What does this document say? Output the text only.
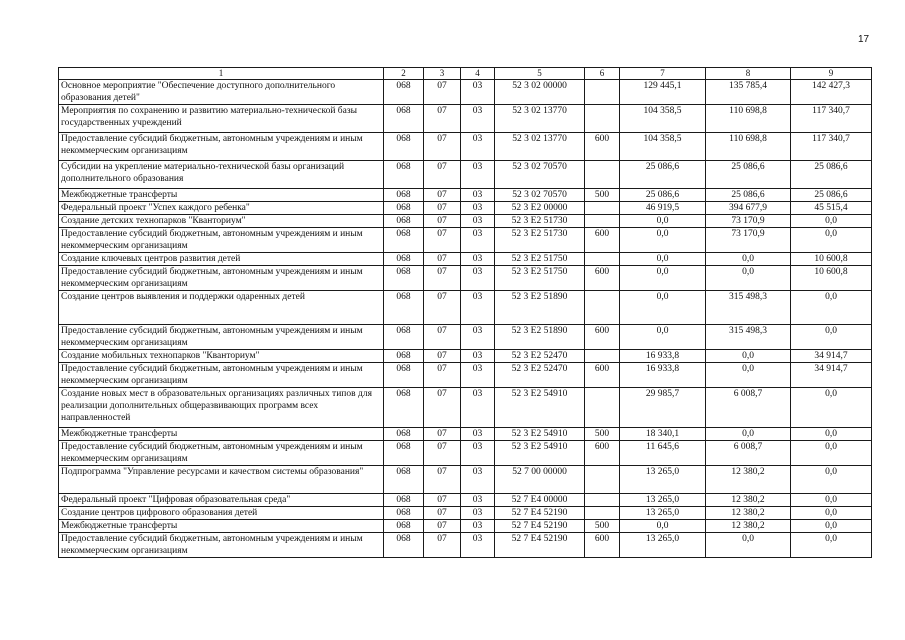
17
1	2	3	4	5	6	7	8	9
Основное мероприятие "Обеспечение доступного дополнительного образования детей"	068	07	03	52 3 02 00000		129 445,1	135 785,4	142 427,3
Мероприятия по сохранению и развитию материально-технической базы государственных учреждений	068	07	03	52 3 02 13770		104 358,5	110 698,8	117 340,7
Предоставление субсидий бюджетным, автономным учреждениям и иным некоммерческим организациям	068	07	03	52 3 02 13770	600	104 358,5	110 698,8	117 340,7
Субсидии на укрепление материально-технической базы организаций дополнительного образования	068	07	03	52 3 02 70570		25 086,6	25 086,6	25 086,6
Межбюджетные трансферты	068	07	03	52 3 02 70570	500	25 086,6	25 086,6	25 086,6
Федеральный проект "Успех каждого ребенка"	068	07	03	52 3 E2 00000		46 919,5	394 677,9	45 515,4
Создание детских технопарков "Кванториум"	068	07	03	52 3 E2 51730		0,0	73 170,9	0,0
Предоставление субсидий бюджетным, автономным учреждениям и иным некоммерческим организациям	068	07	03	52 3 E2 51730	600	0,0	73 170,9	0,0
Создание ключевых центров развития детей	068	07	03	52 3 E2 51750		0,0	0,0	10 600,8
Предоставление субсидий бюджетным, автономным учреждениям и иным некоммерческим организациям	068	07	03	52 3 E2 51750	600	0,0	0,0	10 600,8
Создание центров выявления и поддержки одаренных детей	068	07	03	52 3 E2 51890		0,0	315 498,3	0,0
Предоставление субсидий бюджетным, автономным учреждениям и иным некоммерческим организациям	068	07	03	52 3 E2 51890	600	0,0	315 498,3	0,0
Создание мобильных технопарков "Кванториум"	068	07	03	52 3 E2 52470		16 933,8	0,0	34 914,7
Предоставление субсидий бюджетным, автономным учреждениям и иным некоммерческим организациям	068	07	03	52 3 E2 52470	600	16 933,8	0,0	34 914,7
Создание новых мест в образовательных организациях различных типов для реализации дополнительных общеразвивающих программ всех направленностей	068	07	03	52 3 E2 54910		29 985,7	6 008,7	0,0
Межбюджетные трансферты	068	07	03	52 3 E2 54910	500	18 340,1	0,0	0,0
Предоставление субсидий бюджетным, автономным учреждениям и иным некоммерческим организациям	068	07	03	52 3 E2 54910	600	11 645,6	6 008,7	0,0
Подпрограмма "Управление ресурсами и качеством системы образования"	068	07	03	52 7 00 00000		13 265,0	12 380,2	0,0
Федеральный проект "Цифровая образовательная среда"	068	07	03	52 7 E4 00000		13 265,0	12 380,2	0,0
Создание центров цифрового образования детей	068	07	03	52 7 E4 52190		13 265,0	12 380,2	0,0
Межбюджетные трансферты	068	07	03	52 7 E4 52190	500	0,0	12 380,2	0,0
Предоставление субсидий бюджетным, автономным учреждениям и иным некоммерческим организациям	068	07	03	52 7 E4 52190	600	13 265,0	0,0	0,0
